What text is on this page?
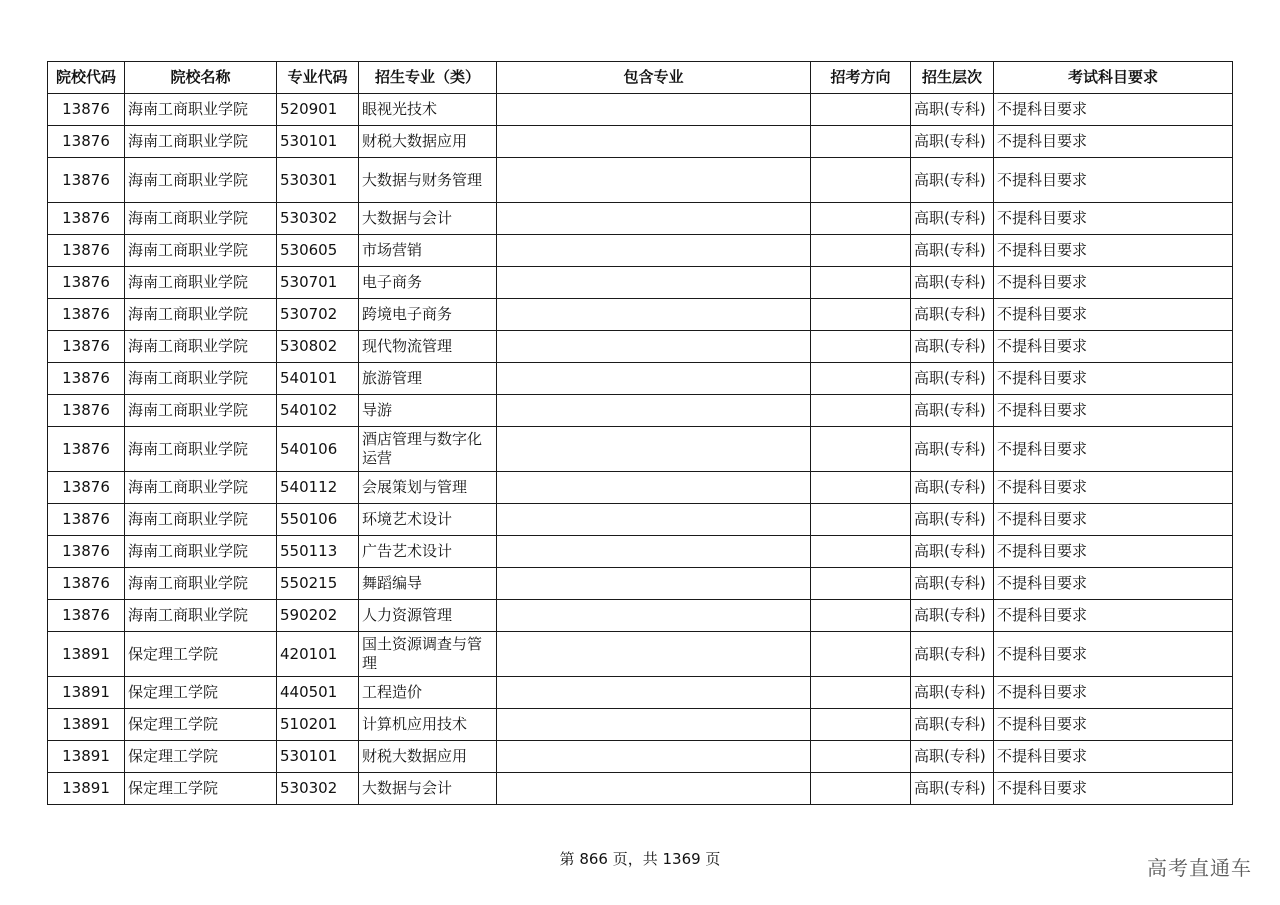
院校代码	院校名称	专业代码	招生专业（类）	包含专业	招考方向	招生层次	考试科目要求
13876	海南工商职业学院	520901	眼视光技术			高职(专科)	不提科目要求
13876	海南工商职业学院	530101	财税大数据应用			高职(专科)	不提科目要求
13876	海南工商职业学院	530301	大数据与财务管理			高职(专科)	不提科目要求
13876	海南工商职业学院	530302	大数据与会计			高职(专科)	不提科目要求
13876	海南工商职业学院	530605	市场营销			高职(专科)	不提科目要求
13876	海南工商职业学院	530701	电子商务			高职(专科)	不提科目要求
13876	海南工商职业学院	530702	跨境电子商务			高职(专科)	不提科目要求
13876	海南工商职业学院	530802	现代物流管理			高职(专科)	不提科目要求
13876	海南工商职业学院	540101	旅游管理			高职(专科)	不提科目要求
13876	海南工商职业学院	540102	导游			高职(专科)	不提科目要求
13876	海南工商职业学院	540106	酒店管理与数字化运营			高职(专科)	不提科目要求
13876	海南工商职业学院	540112	会展策划与管理			高职(专科)	不提科目要求
13876	海南工商职业学院	550106	环境艺术设计			高职(专科)	不提科目要求
13876	海南工商职业学院	550113	广告艺术设计			高职(专科)	不提科目要求
13876	海南工商职业学院	550215	舞蹈编导			高职(专科)	不提科目要求
13876	海南工商职业学院	590202	人力资源管理			高职(专科)	不提科目要求
13891	保定理工学院	420101	国土资源调查与管理			高职(专科)	不提科目要求
13891	保定理工学院	440501	工程造价			高职(专科)	不提科目要求
13891	保定理工学院	510201	计算机应用技术			高职(专科)	不提科目要求
13891	保定理工学院	530101	财税大数据应用			高职(专科)	不提科目要求
13891	保定理工学院	530302	大数据与会计			高职(专科)	不提科目要求
第 866 页，共 1369 页	高考直通车
